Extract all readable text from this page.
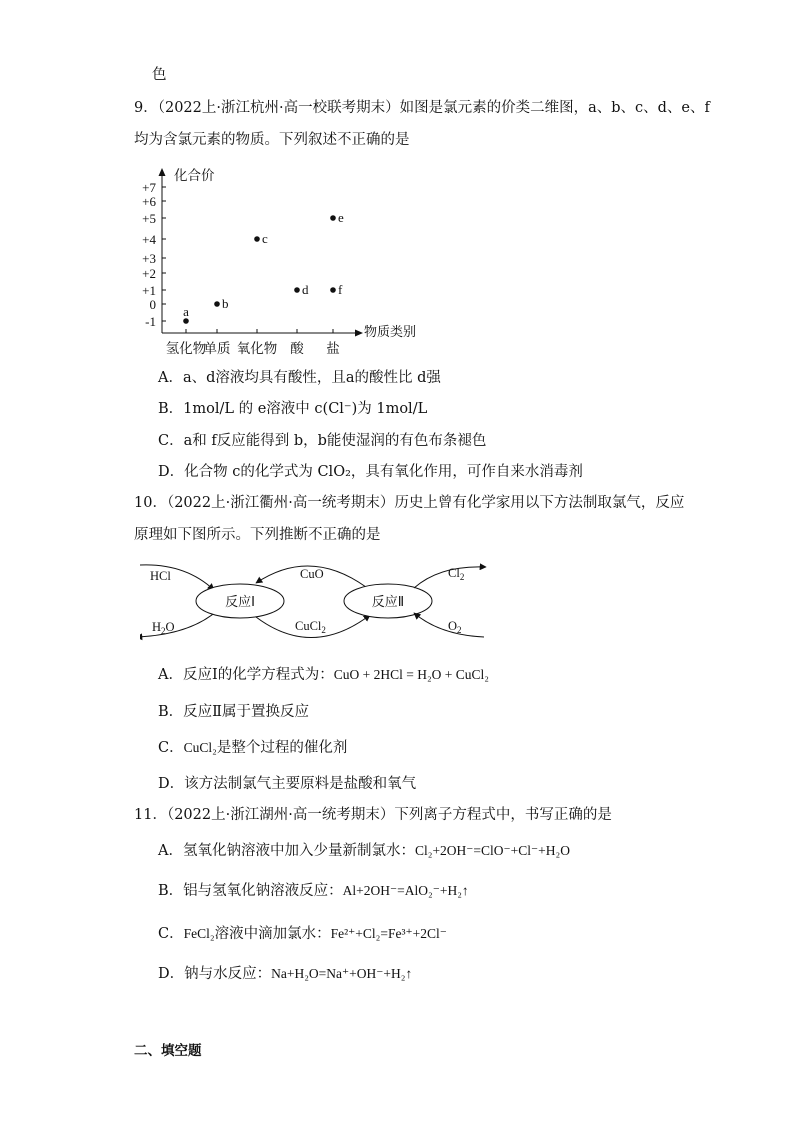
色
9．（2022上·浙江杭州·高一校联考期末）如图是氯元素的价类二维图，a、b、c、d、e、f
均为含氯元素的物质。下列叙述不正确的是
化合价
物质类别
+7
+6
+5
+4
+3
+2
+1
0
-1
氢化物
单质 氧化物 酸 盐
a
b
c
d
e
f
A．a、d溶液均具有酸性，且a的酸性比 d强
B．1mol/L 的 e溶液中 c(Cl⁻)为 1mol/L
C．a和 f反应能得到 b，b能使湿润的有色布条褪色
D．化合物 c的化学式为 ClO₂，具有氧化作用，可作自来水消毒剂
10．（2022上·浙江衢州·高一统考期末）历史上曾有化学家用以下方法制取氯气，反应
原理如下图所示。下列推断不正确的是
HCl
$H_2O$
反应Ⅰ
CuO
CuCl$_2$
反应Ⅱ
$Cl_2$
$O_2$
A．反应Ⅰ的化学方程式为：CuO + 2HCl = H₂O + CuCl₂
B．反应Ⅱ属于置换反应
C．CuCl₂是整个过程的催化剂
D．该方法制氯气主要原料是盐酸和氧气
11．（2022上·浙江湖州·高一统考期末）下列离子方程式中，书写正确的是
A．氢氧化钠溶液中加入少量新制氯水：Cl₂+2OH⁻=ClO⁻+Cl⁻+H₂O
B．铝与氢氧化钠溶液反应：Al+2OH⁻=AlO₂⁻+H₂↑
C．FeCl₂溶液中滴加氯水：Fe²⁺+Cl₂=Fe³⁺+2Cl⁻
D．钠与水反应：Na+H₂O=Na⁺+OH⁻+H₂↑
二、填空题
